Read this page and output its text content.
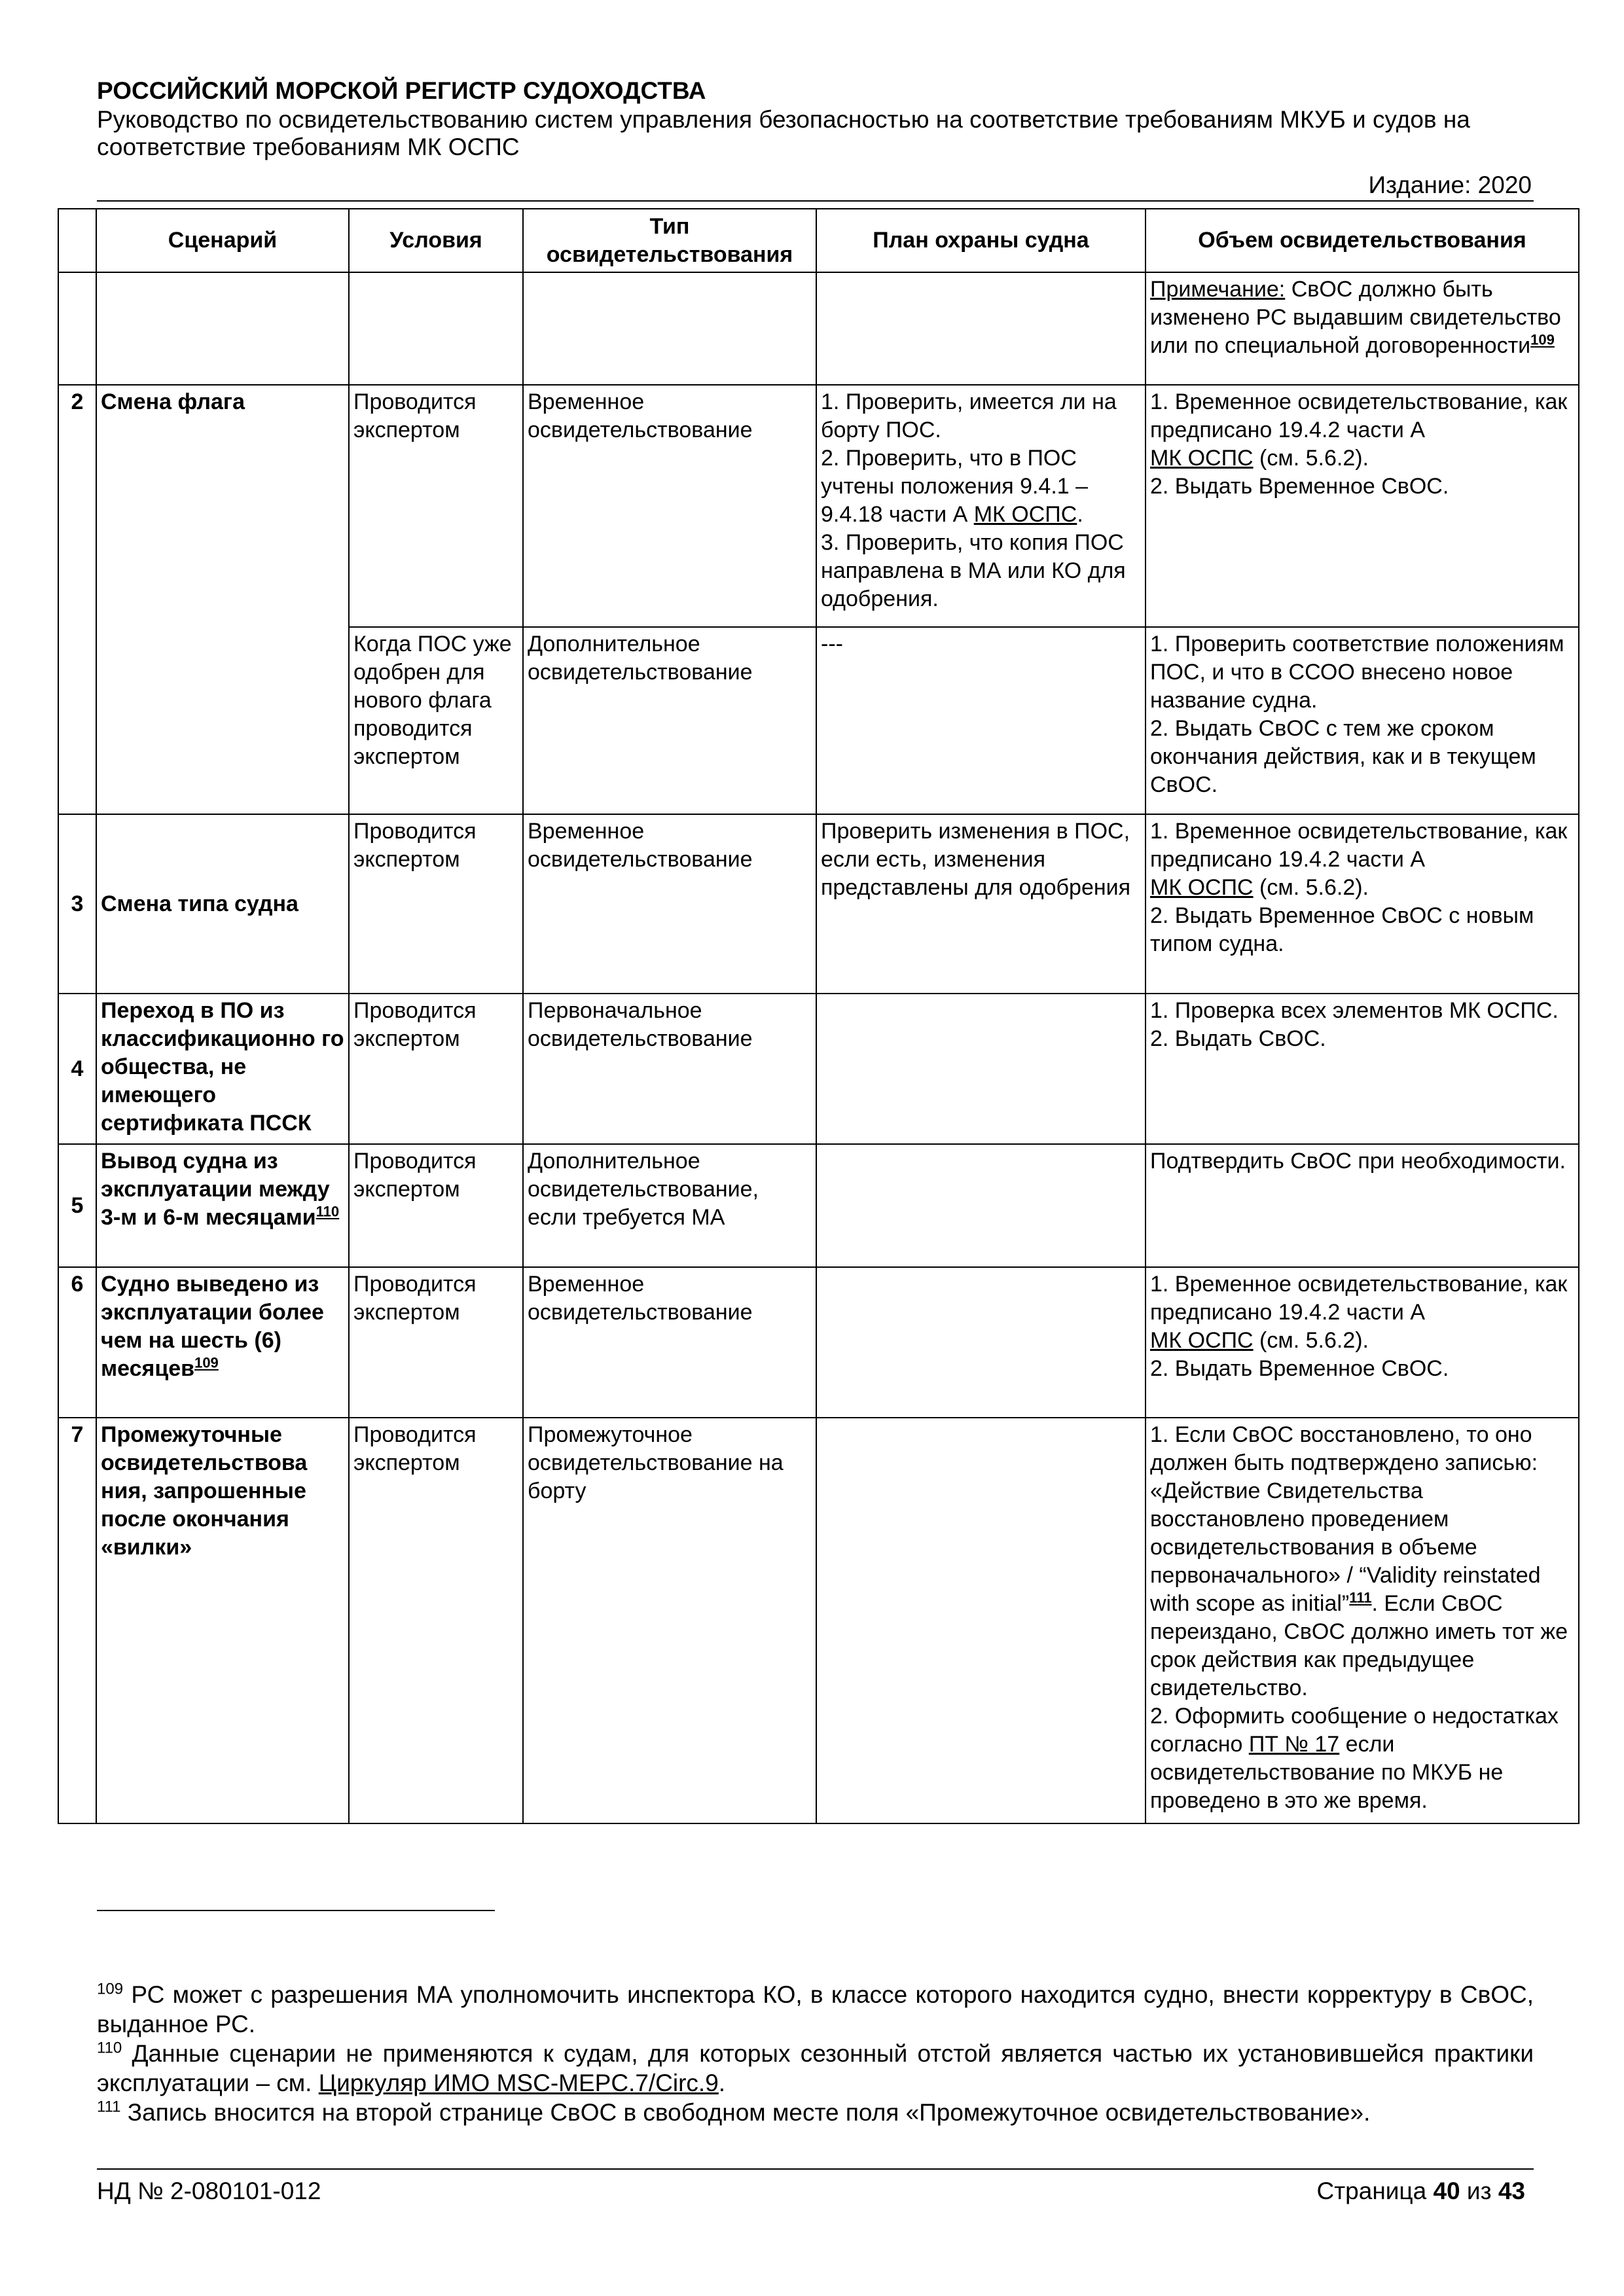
РОССИЙСКИЙ МОРСКОЙ РЕГИСТР СУДОХОДСТВА
Руководство по освидетельствованию систем управления безопасностью на соответствие требованиям МКУБ и судов на соответствие требованиям МК ОСПС
Издание: 2020
	Сценарий	Условия	Тип освидетельствования	План охраны судна	Объем освидетельствования
					Примечание: СвОС должно быть изменено РС выдавшим свидетельство или по специальной договоренности$^{109}$
2	Смена флага	Проводится экспертом	Временное освидетельствование	1. Проверить, имеется ли на борту ПОС.
2. Проверить, что в ПОС учтены положения 9.4.1 – 9.4.18 части А МК ОСПС.
3. Проверить, что копия ПОС направлена в МА или КО для одобрения.	1. Временное освидетельствование, как предписано 19.4.2 части А
МК ОСПС (см. 5.6.2).
2. Выдать Временное СвОС.

		Когда ПОС уже одобрен для нового флага проводится экспертом	Дополнительное освидетельствование	---	1. Проверить соответствие положениям ПОС, и что в ССОО внесено новое название судна.
2. Выдать СвОС с тем же сроком окончания действия, как и в текущем СвОС.

3	Смена типа судна	Проводится экспертом	Временное освидетельствование	Проверить изменения в ПОС, если есть, изменения представлены для одобрения	1. Временное освидетельствование, как предписано 19.4.2 части А
МК ОСПС (см. 5.6.2).
2. Выдать Временное СвОС с новым типом судна.

4	Переход в ПО из классификационно го общества, не имеющего сертификата ПССК	Проводится экспертом	Первоначальное освидетельствование		1. Проверка всех элементов МК ОСПС.
2. Выдать СвОС.

5	Вывод судна из эксплуатации между 3-м и 6-м месяцами$^{110}$	Проводится экспертом	Дополнительное освидетельствование, если требуется МА		Подтвердить СвОС при необходимости.
6	Судно выведено из эксплуатации более чем на шесть (6) месяцев$^{109}$	Проводится экспертом	Временное освидетельствование		1. Временное освидетельствование, как предписано 19.4.2 части А
МК ОСПС (см. 5.6.2).
2. Выдать Временное СвОС.

7	Промежуточные освидетельствова ния, запрошенные после окончания «вилки»	Проводится экспертом	Промежуточное освидетельствование на борту		1. Если СвОС восстановлено, то оно должен быть подтверждено записью: «Действие Свидетельства восстановлено проведением освидетельствования в объеме первоначального» / “Validity reinstated with scope as initial”$^{111}$. Если СвОС переиздано, СвОС должно иметь тот же срок действия как предыдущее свидетельство.
2. Оформить сообщение о недостатках согласно ПТ № 17 если освидетельствование по МКУБ не проведено в это же время.

$^{109}$ РС может с разрешения МА уполномочить инспектора КО, в классе которого находится судно, внести корректуру в СвОС, выданное РС.

$^{110}$ Данные сценарии не применяются к судам, для которых сезонный отстой является частью их установившейся практики эксплуатации – см. Циркуляр ИМО MSC-MEPC.7/Circ.9.

$^{111}$ Запись вносится на второй странице СвОС в свободном месте поля «Промежуточное освидетельствование».

НД № 2-080101-012	Страница 40 из 43
